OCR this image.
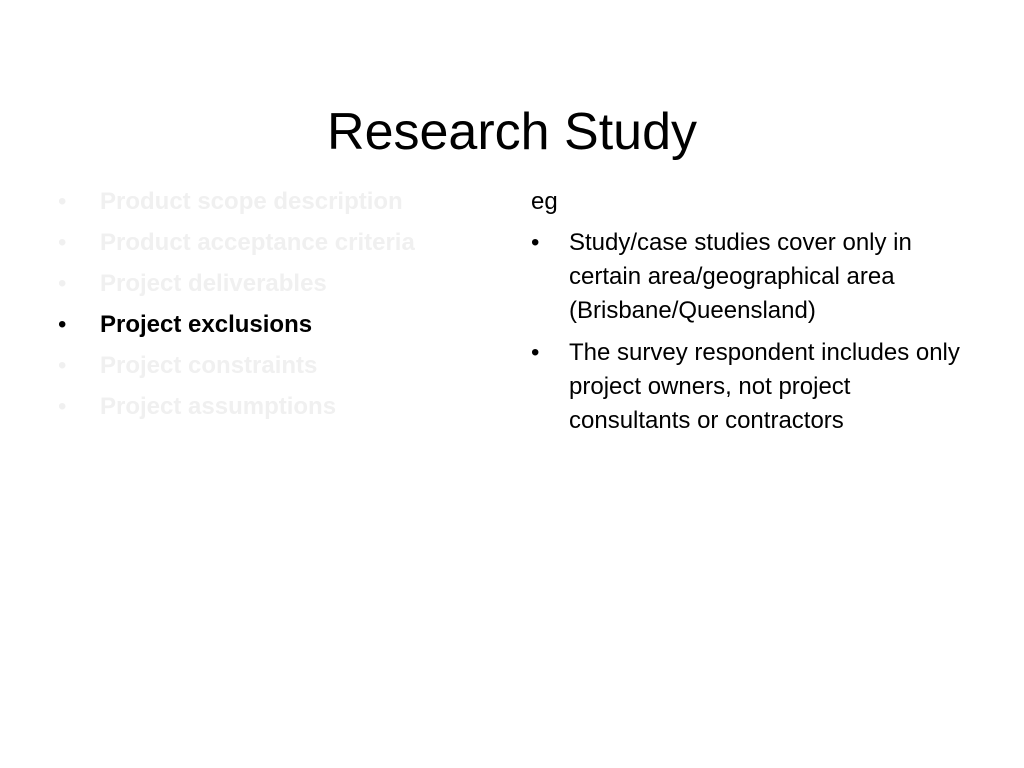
Research Study
• Product scope description
• Product acceptance criteria
• Project deliverables
• Project exclusions
• Project constraints
• Project assumptions
eg
• Study/case studies cover only in certain area/geographical area (Brisbane/Queensland)
• The survey respondent includes only project owners, not project consultants or contractors
